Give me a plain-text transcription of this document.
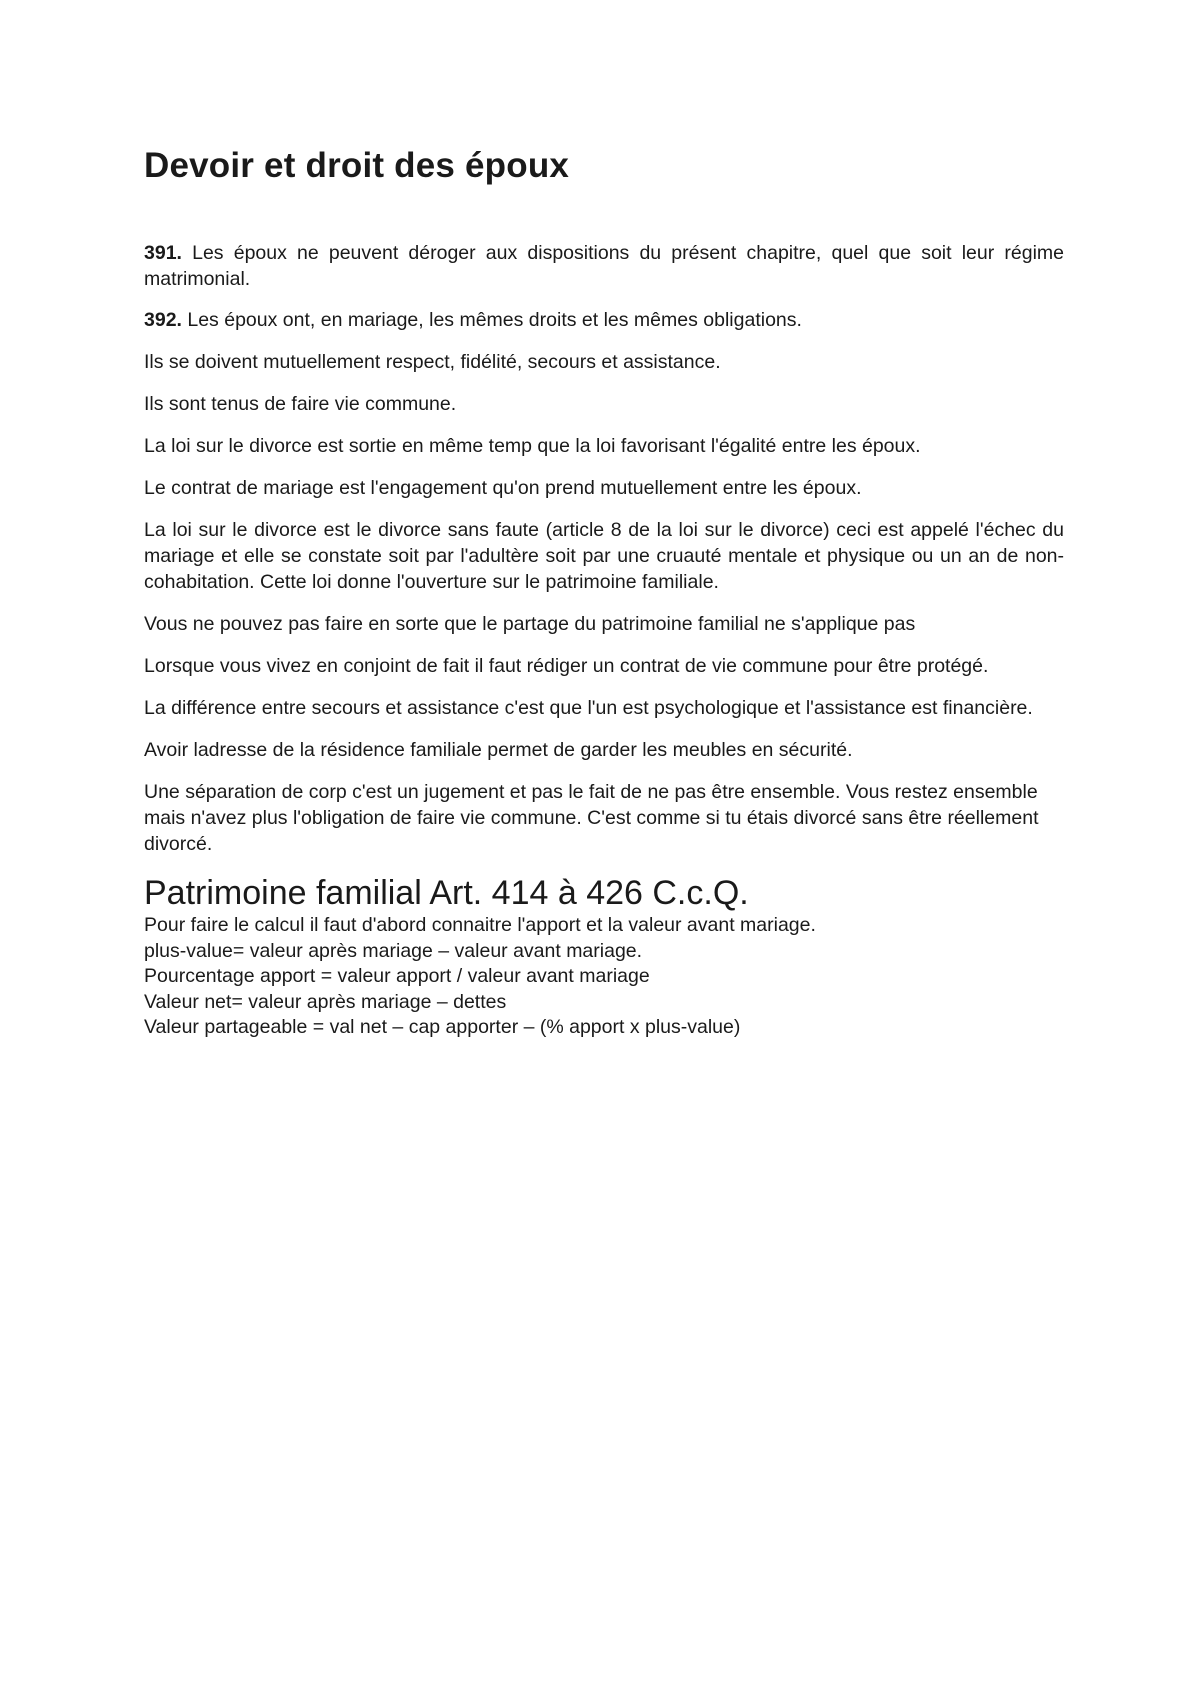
Devoir et droit des époux

391. Les époux ne peuvent déroger aux dispositions du présent chapitre, quel que soit leur régime matrimonial.

392. Les époux ont, en mariage, les mêmes droits et les mêmes obligations.

Ils se doivent mutuellement respect, fidélité, secours et assistance.

Ils sont tenus de faire vie commune.

La loi sur le divorce est sortie en même temp que la loi favorisant l'égalité entre les époux.

Le contrat de mariage est l'engagement qu'on prend mutuellement entre les époux.

La loi sur le divorce est le divorce sans faute (article 8 de la loi sur le divorce) ceci est appelé l'échec du mariage et elle se constate soit par l'adultère soit par une cruauté mentale et physique ou un an de non-cohabitation. Cette loi donne l'ouverture sur le patrimoine familiale.

Vous ne pouvez pas faire en sorte que le partage du patrimoine familial ne s'applique pas

Lorsque vous vivez en conjoint de fait il faut rédiger un contrat de vie commune pour être protégé.

La différence entre secours et assistance c'est que l'un est psychologique et l'assistance est financière.

Avoir ladresse de la résidence familiale permet de garder les meubles en sécurité.

Une séparation de corp c'est un jugement et pas le fait de ne pas être ensemble. Vous restez ensemble mais n'avez plus l'obligation de faire vie commune. C'est comme si tu étais divorcé sans être réellement divorcé.

Patrimoine familial Art. 414 à 426 C.c.Q.

Pour faire le calcul il faut d'abord connaitre l'apport et la valeur avant mariage.

plus-value= valeur après mariage – valeur avant mariage.

Pourcentage apport = valeur apport / valeur avant mariage

Valeur net= valeur après mariage – dettes

Valeur partageable = val net – cap apporter – (% apport x plus-value)
